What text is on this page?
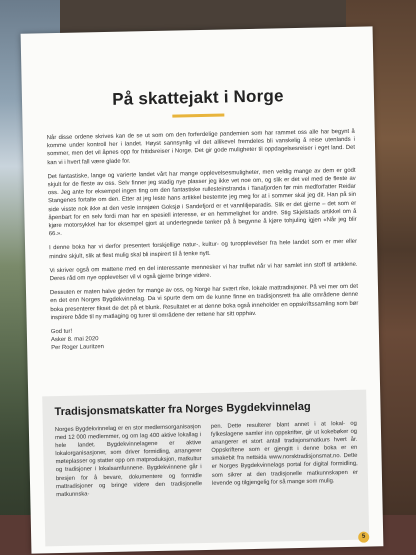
På skattejakt i Norge

Når disse ordene skrives kan de se ut som om den forferdelige pandemien som har rammet oss alle har begynt å komme under kontroll her i landet. Høyst sannsynlig vil det allikevel fremdeles bli vanskelig å reise utenlands i sommer, men det vil åpnes opp for fritidsreiser i Norge. Det gir gode muligheter til oppdagelsesreiser i eget land. Det kan vi i hvert fall være glade for.

Det fantastiske, lange og varierte landet vårt har mange opplevelsesmuligheter, men veldig mange av dem er godt skjult for de fleste av oss. Selv finner jeg stadig nye plasser jeg ikke vet noe om, og slik er det vel med de fleste av oss. Jeg ante for eksempel ingen ting om den fantastiske rullesteinstranda i Tanafjorden før min medforfatter Reidar Stangenes fortalte om den. Etter at jeg leste hans artikkel bestemte jeg meg for at i sommer skal jeg dit. Han på sin side visste nok ikke at den vesle innsjøen Goksjø i Sandefjord er et vannliljeparadis. Slik er det gjerne – det som er åpenbart for en selv fordi man har en spesiell interesse, er en hemmelighet for andre. Stig Skjelstads artikkel om å kjøre motorsykkel har for eksempel gjort at undertegnede tenker på å begynne å kjøre tohjuling igjen «Når jeg blir 66.».

I denne boka har vi derfor presentert forskjellige natur-, kultur- og turopplevelser fra hele landet som er mer eller mindre skjult, slik at flest mulig skal bli inspirert til å tenke nytt.

Vi skriver også om mattene med en del interessante mennesker vi har truffet når vi har samlet inn stoff til artiklene. Deres råd om nye opplevelser vil vi også gjerne bringe videre.

Dessuten er maten halve gleden for mange av oss, og Norge har svært rike, lokale mattradisjoner. På vei mer om det en det enn Norges Bygdekvinnelag. Da vi spurte dem om de kunne finne en tradisjonsrett fra alle områdene denne boka presenterer fikset de det på et blunk. Resultatet er at denne boka også inneholder en oppskriftssamling som bør inspirere både til ny matlaging og turer til områdene der rettene har sitt opphav.

God tur!
Asker 8. mai 2020
Per Roger Lauritzen
Tradisjonsmatskatter fra Norges Bygdekvinnelag
Norges Bygdekvinnelag er en stor medlemsorganisasjon med 12 000 medlemmer, og om lag 400 aktive lokallag i hele landet. Bygdekvinnelagene er aktive lokalorganisasjoner, som driver formidling, arrangerer møteplasser og statter opp om matproduksjon, matkultur og tradisjoner i lokalsamfunnene. Bygdekvinnene går i bresjen for å bevare, dokumentere og formidle mattradisjoner og bringe videre den tradisjonelle matkunnska-
pen. Dette resulterer blant annet i at lokal- og fylkeslagene samler inn oppskrifter, gir ut kokebøker og arrangerer et stort antall tradisjonsmatkurs hvert år. Oppskriftene som er gjengitt i denne boka er en smakebit fra nettsida www.norsktradisjonsmat.no. Dette er Norges Bygdekvinnelags portal for digital formidling, som sikrer at den tradisjonelle matkunnskapen er levende og tilgjengelig for så mange som mulig.
5
